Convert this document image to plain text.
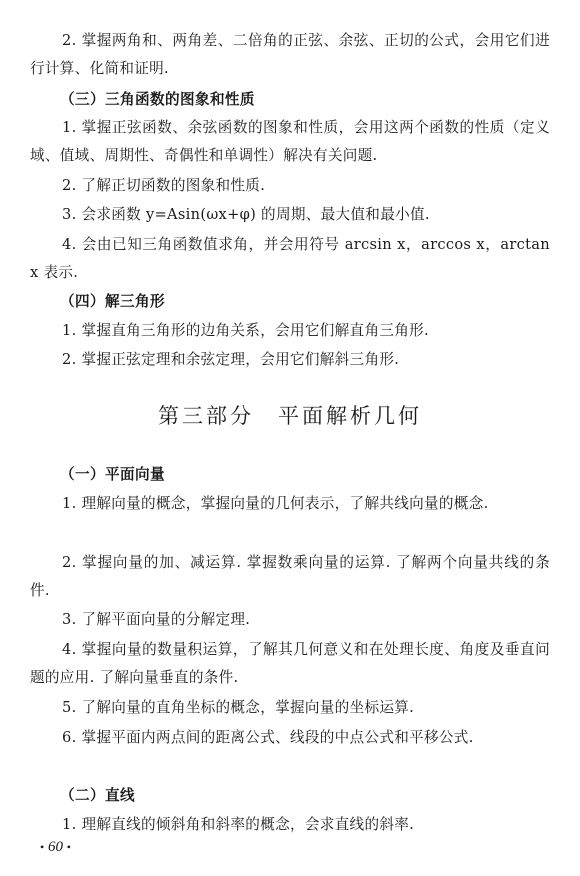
2. 掌握两角和、两角差、二倍角的正弦、余弦、正切的公式，会用它们进行计算、化简和证明.

（三）三角函数的图象和性质

1. 掌握正弦函数、余弦函数的图象和性质，会用这两个函数的性质（定义域、值域、周期性、奇偶性和单调性）解决有关问题.

2. 了解正切函数的图象和性质.

3. 会求函数 y=Asin(ωx+φ) 的周期、最大值和最小值.

4. 会由已知三角函数值求角，并会用符号 arcsin x，arccos x，arctan x 表示.

（四）解三角形

1. 掌握直角三角形的边角关系，会用它们解直角三角形.

2. 掌握正弦定理和余弦定理，会用它们解斜三角形.

第三部分　平面解析几何

（一）平面向量

1. 理解向量的概念，掌握向量的几何表示，了解共线向量的概念.

2. 掌握向量的加、减运算. 掌握数乘向量的运算. 了解两个向量共线的条件.

3. 了解平面向量的分解定理.

4. 掌握向量的数量积运算，了解其几何意义和在处理长度、角度及垂直问题的应用. 了解向量垂直的条件.

5. 了解向量的直角坐标的概念，掌握向量的坐标运算.

6. 掌握平面内两点间的距离公式、线段的中点公式和平移公式.

（二）直线

1. 理解直线的倾斜角和斜率的概念，会求直线的斜率.

• 60 •
